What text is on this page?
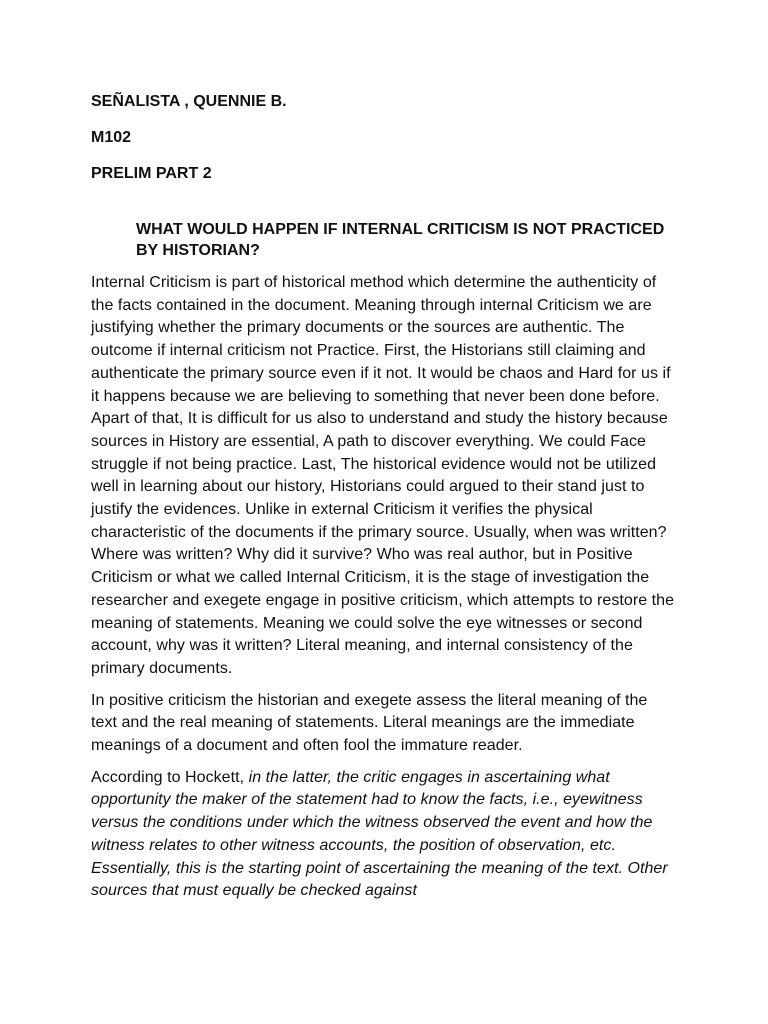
SEÑALISTA , QUENNIE B.
M102
PRELIM PART 2
WHAT WOULD HAPPEN IF INTERNAL CRITICISM IS NOT PRACTICED BY HISTORIAN?

Internal Criticism is part of historical method which determine the authenticity of the facts contained in the document. Meaning through internal Criticism we are justifying whether the primary documents or the sources are authentic. The outcome if internal criticism not Practice. First, the Historians still claiming and authenticate the primary source even if it not. It would be chaos and Hard for us if it happens because we are believing to something that never been done before. Apart of that, It is difficult for us also to understand and study the history because sources in History are essential, A path to discover everything. We could Face struggle if not being practice. Last, The historical evidence would not be utilized well in learning about our history, Historians could argued to their stand just to justify the evidences. Unlike in external Criticism it verifies the physical characteristic of the documents if the primary source. Usually, when was written? Where was written? Why did it survive? Who was real author, but in Positive Criticism or what we called Internal Criticism, it is the stage of investigation the researcher and exegete engage in positive criticism, which attempts to restore the meaning of statements. Meaning we could solve the eye witnesses or second account, why was it written? Literal meaning, and internal consistency of the primary documents.

In positive criticism the historian and exegete assess the literal meaning of the text and the real meaning of statements. Literal meanings are the immediate meanings of a document and often fool the immature reader.

According to Hockett, in the latter, the critic engages in ascertaining what opportunity the maker of the statement had to know the facts, i.e., eyewitness versus the conditions under which the witness observed the event and how the witness relates to other witness accounts, the position of observation, etc. Essentially, this is the starting point of ascertaining the meaning of the text. Other sources that must equally be checked against
